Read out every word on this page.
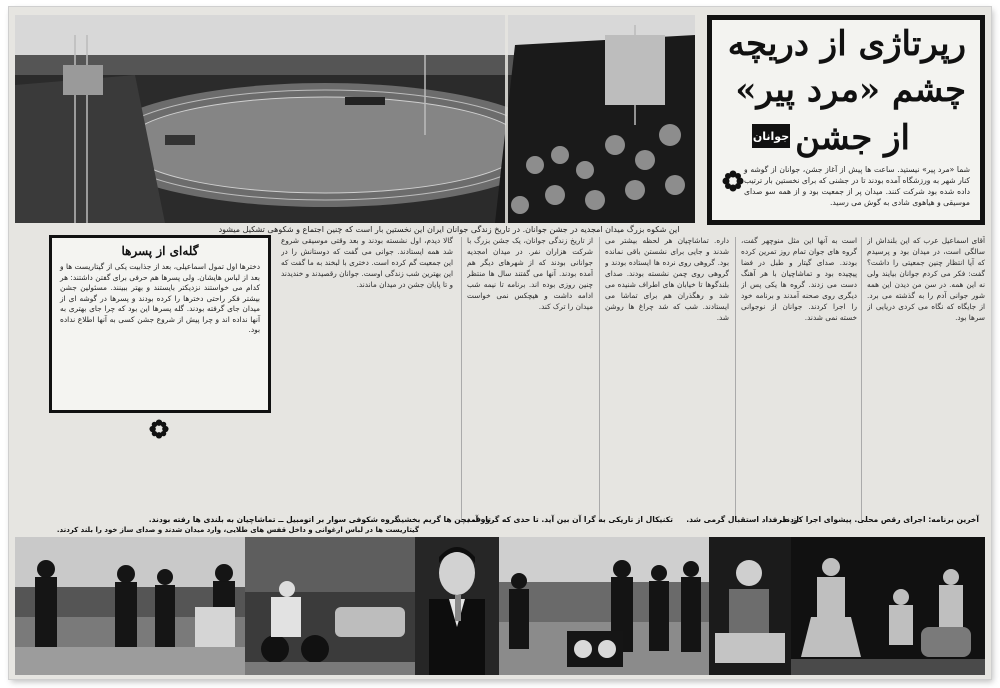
رپرتاژی از دریچه
چشم «مرد پیر»
از جشن
جوانان
شما «مرد پیر» نیستید. ساعت ها پیش از آغاز جشن، جوانان از گوشه و کنار شهر به ورزشگاه آمده بودند تا در جشنی که برای نخستین بار ترتیب داده شده بود شرکت کنند. میدان پر از جمعیت بود و از همه سو صدای موسیقی و هیاهوی شادی به گوش می رسید.
این شکوه بزرگ میدان امجدیه در جشن جوانان. در تاریخ زندگی جوانان ایران این نخستین بار است که چنین اجتماع و شکوهی تشکیل میشود
گله‌ای از پسرها
دخترها اول تمول اسماعیلی، بعد از جذابیت یکی از گیتاریست ها و بعد از لباس هایشان. ولی پسرها هم حرفی برای گفتن داشتند: هر کدام می خواستند نزدیکتر بایستند و بهتر ببینند. مسئولین جشن بیشتر فکر راحتی دخترها را کرده بودند و پسرها در گوشه ای از میدان جای گرفته بودند. گله پسرها این بود که چرا جای بهتری به آنها نداده اند و چرا پیش از شروع جشن کسی به آنها اطلاع نداده بود.
آقای اسماعیل عرب که این بلنداش از سالگی است، در میدان بود و پرسیدم که آیا انتظار چنین جمعیتی را داشت؟ گفت: فکر می کردم جوانان بیایند ولی نه این همه. در سن من دیدن این همه شور جوانی آدم را به گذشته می برد. از جایگاه که نگاه می کردی دریایی از سرها بود.
است به آنها این مثل منوچهر گفت، گروه های جوان تمام روز تمرین کرده بودند. صدای گیتار و طبل در فضا پیچیده بود و تماشاچیان با هر آهنگ دست می زدند. گروه ها یکی پس از دیگری روی صحنه آمدند و برنامه خود را اجرا کردند. جوانان از نوجوانی خسته نمی شدند.
داره. تماشاچیان هر لحظه بیشتر می شدند و جایی برای نشستن باقی نمانده بود. گروهی روی نرده ها ایستاده بودند و گروهی روی چمن نشسته بودند. صدای بلندگوها تا خیابان های اطراف شنیده می شد و رهگذران هم برای تماشا می ایستادند. شب که شد چراغ ها روشن شد.
از تاریخ زندگی جوانان، یک جشن بزرگ با شرکت هزاران نفر. در میدان امجدیه جوانانی بودند که از شهرهای دیگر هم آمده بودند. آنها می گفتند سال ها منتظر چنین روزی بوده اند. برنامه تا نیمه شب ادامه داشت و هیچکس نمی خواست میدان را ترک کند.
گالا دیدم، اول نشسته بودند و بعد وقتی موسیقی شروع شد همه ایستادند. جوانی می گفت که دوستانش را در این جمعیت گم کرده است. دختری با لبخند به ما گفت که این بهترین شب زندگی اوست. جوانان رقصیدند و خندیدند و تا پایان جشن در میدان ماندند.
گروه شکوفی سوار بر اتومبیل ــ تماشاچیان به بلندی ها رفته بودند.
گیتاریست ها در لباس ارغوانی و داخل قفس های طلایی، وارد میدان شدند و صدای ساز خود را بلند کردند.
تارف بچن ها گریم بخشید.
تکنیکال از تاریکی به گرا آن بین آید. تا حدی که گروه آمد.	از طرفداد استقبال گرمی شد.
آخرین برنامه: اجرای رقص محلی. پیشوای اجرا کردند.
